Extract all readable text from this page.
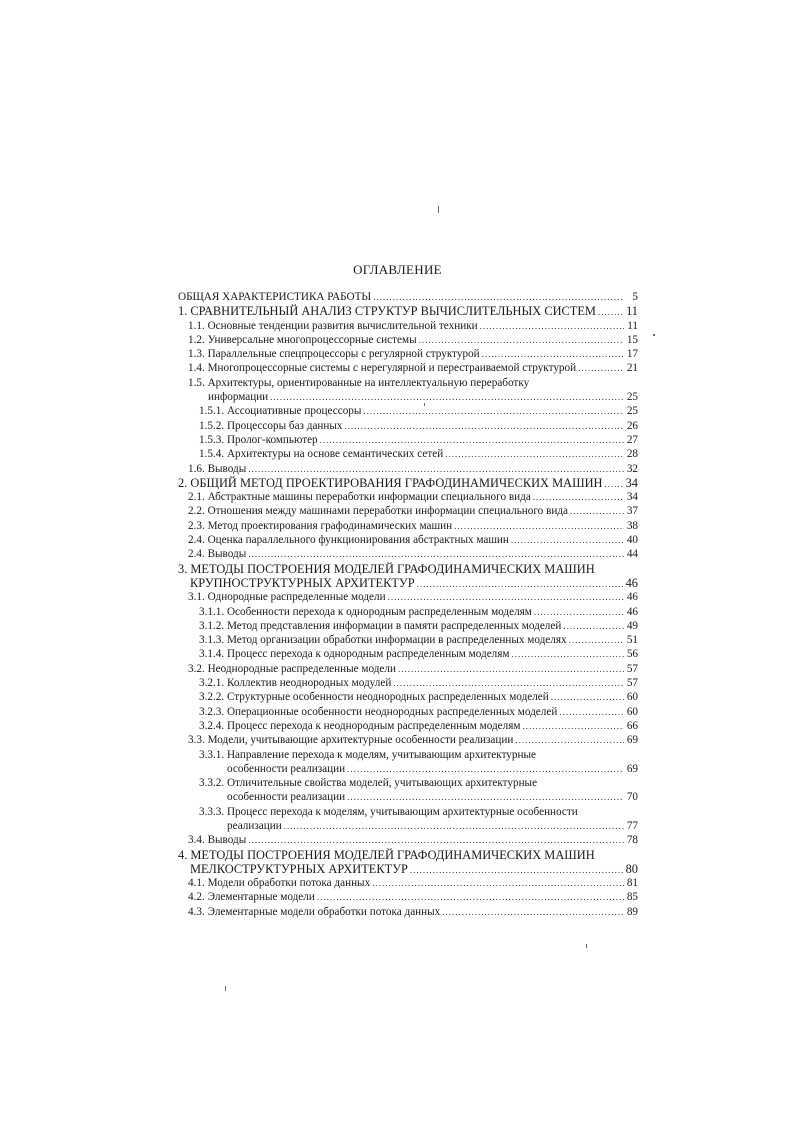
ОГЛАВЛЕНИЕ
ОБЩАЯ ХАРАКТЕРИСТИКА РАБОТЫ .....	5
1. СРАВНИТЕЛЬНЫЙ АНАЛИЗ СТРУКТУР ВЫЧИСЛИТЕЛЬНЫХ СИСТЕМ ..... 11
1.1. Основные тенденции развития вычислительной техники .....	11
1.2. Универсальне многопроцессорные системы .....	15
1.3. Параллельные спецпроцессоры с регулярной структурой .....	17
1.4. Многопроцессорные системы с нерегулярной и перестраиваемой структурой .....	21
1.5. Архитектуры, ориентированные на интеллектуальную переработку
информации .....	25
1.5.1. Ассоциативные процессоры .....	25
1.5.2. Процессоры баз данных .....	26
1.5.3. Пролог-компьютер .....	27
1.5.4. Архитектуры на основе семантических сетей .....	28
1.6. Выводы .....	32
2. ОБЩИЙ МЕТОД ПРОЕКТИРОВАНИЯ ГРАФОДИНАМИЧЕСКИХ МАШИН ..... 34
2.1. Абстрактные машины переработки информации специального вида .....	34
2.2. Отношения между машинами переработки информации специального вида .....	37
2.3. Метод проектирования графодинамических машин .....	38
2.4. Оценка параллельного функционирования абстрактных машин .....	40
2.4. Выводы .....	44
3. МЕТОДЫ ПОСТРОЕНИЯ МОДЕЛЕЙ ГРАФОДИНАМИЧЕСКИХ МАШИН
КРУПНОСТРУКТУРНЫХ АРХИТЕКТУР .....	46
3.1. Однородные распределенные модели .....	46
3.1.1. Особенности перехода к однородным распределенным моделям .....	46
3.1.2. Метод представления информации в памяти распределенных моделей .....	49
3.1.3. Метод организации обработки информации в распределенных моделях .....	51
3.1.4. Процесс перехода к однородным распределенным моделям .....	56
3.2. Неоднородные распределенные модели .....	57
3.2.1. Коллектив неоднородных модулей .....	57
3.2.2. Структурные особенности неоднородных распределенных моделей .....	60
3.2.3. Операционные особенности неоднородных распределенных моделей .....	60
3.2.4. Процесс перехода к неоднородным распределенным моделям .....	66
3.3. Модели, учитывающие архитектурные особенности реализации .....	69
3.3.1. Направление перехода к моделям, учитывающим архитектурные
особенности реализации .....	69
3.3.2. Отличительные свойства моделей, учитывающих архитектурные
особенности реализации .....	70
3.3.3. Процесс перехода к моделям, учитывающим архитектурные особенности
реализации .....	77
3.4. Выводы .....	78
4. МЕТОДЫ ПОСТРОЕНИЯ МОДЕЛЕЙ ГРАФОДИНАМИЧЕСКИХ МАШИН
МЕЛКОСТРУКТУРНЫХ АРХИТЕКТУР .....	80
4.1. Модели обработки потока данных .....	81
4.2. Элементарные модели .....	85
4.3. Элементарные модели обработки потока данных .....	89
